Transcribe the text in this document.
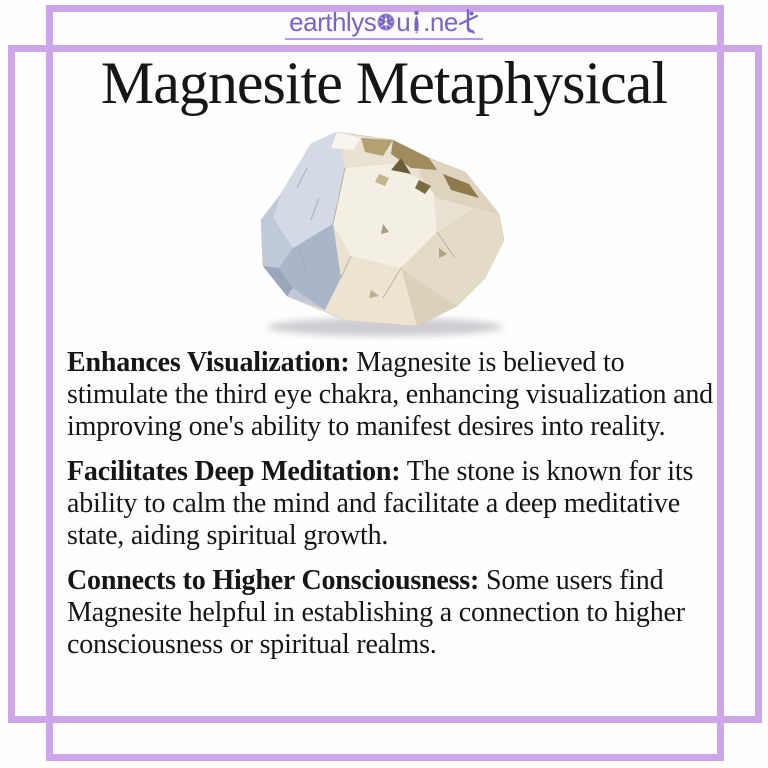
earthlys u .ne
Magnesite Metaphysical

Enhances Visualization: Magnesite is believed to stimulate the third eye chakra, enhancing visualization and improving one's ability to manifest desires into reality.

Facilitates Deep Meditation: The stone is known for its ability to calm the mind and facilitate a deep meditative state, aiding spiritual growth.

Connects to Higher Consciousness: Some users find Magnesite helpful in establishing a connection to higher consciousness or spiritual realms.
